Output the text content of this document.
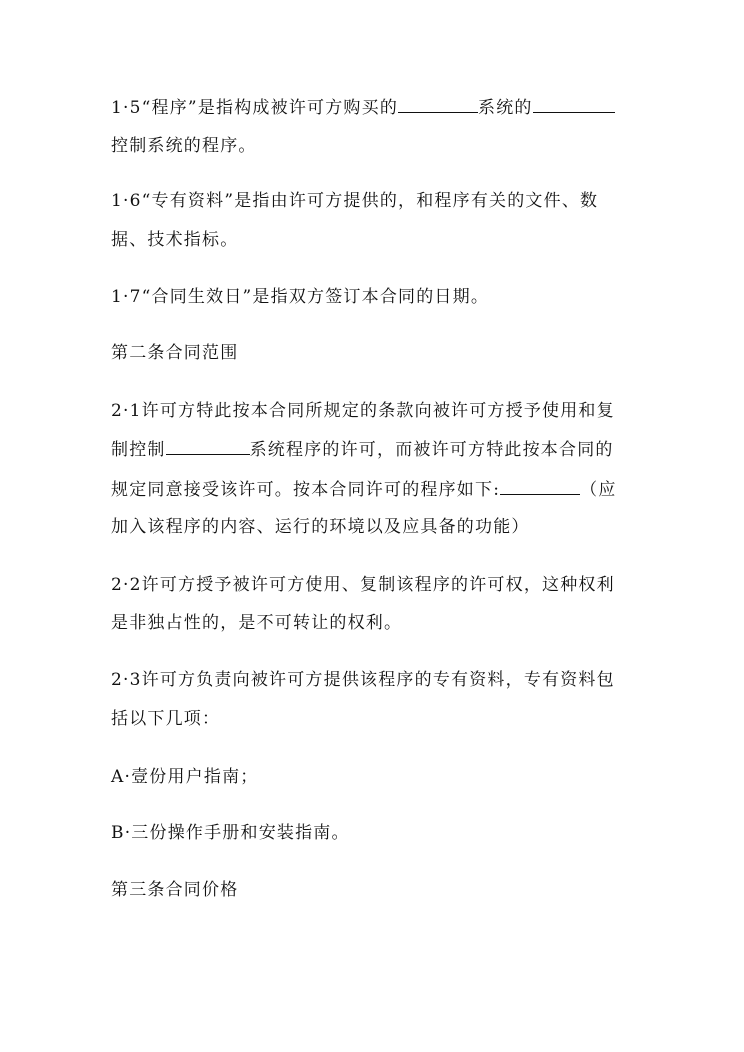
1·5“程序”是指构成被许可方购买的	系统的
控制系统的程序。
1·6“专有资料”是指由许可方提供的，和程序有关的文件、数
据、技术指标。
1·7“合同生效日”是指双方签订本合同的日期。
第二条合同范围
2·1许可方特此按本合同所规定的条款向被许可方授予使用和复
制控制	系统程序的许可，而被许可方特此按本合同的
规定同意接受该许可。按本合同许可的程序如下:	（应
加入该程序的内容、运行的环境以及应具备的功能）
2·2许可方授予被许可方使用、复制该程序的许可权，这种权利
是非独占性的，是不可转让的权利。
2·3许可方负责向被许可方提供该程序的专有资料，专有资料包
括以下几项：
A·壹份用户指南；
B·三份操作手册和安装指南。
第三条合同价格
